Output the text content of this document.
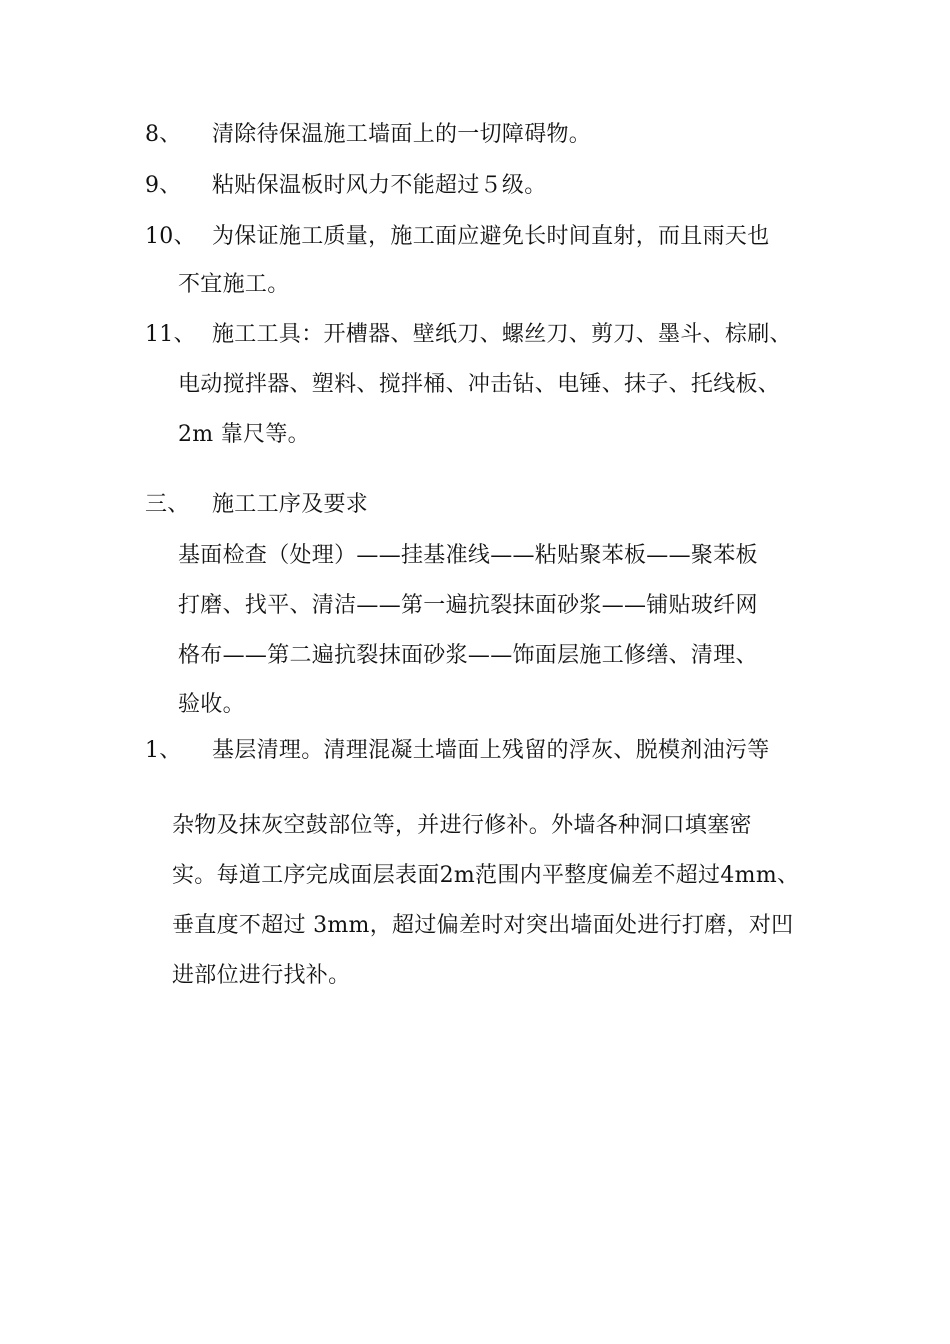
8、 清除待保温施工墙面上的一切障碍物。
9、 粘贴保温板时风力不能超过５级。
10、 为保证施工质量，施工面应避免长时间直射，而且雨天也
不宜施工。
11、 施工工具：开槽器、壁纸刀、螺丝刀、剪刀、墨斗、棕刷、
电动搅拌器、塑料、搅拌桶、冲击钻、电锤、抹子、托线板、
2m 靠尺等。
三、 施工工序及要求
基面检查（处理）——挂基准线——粘贴聚苯板——聚苯板
打磨、找平、清洁——第一遍抗裂抹面砂浆——铺贴玻纤网
格布——第二遍抗裂抹面砂浆——饰面层施工修缮、清理、
验收。
1、 基层清理。清理混凝土墙面上残留的浮灰、脱模剂油污等
杂物及抹灰空鼓部位等，并进行修补。外墙各种洞口填塞密
实。每道工序完成面层表面2m范围内平整度偏差不超过4mm、
垂直度不超过 3mm，超过偏差时对突出墙面处进行打磨，对凹
进部位进行找补。
